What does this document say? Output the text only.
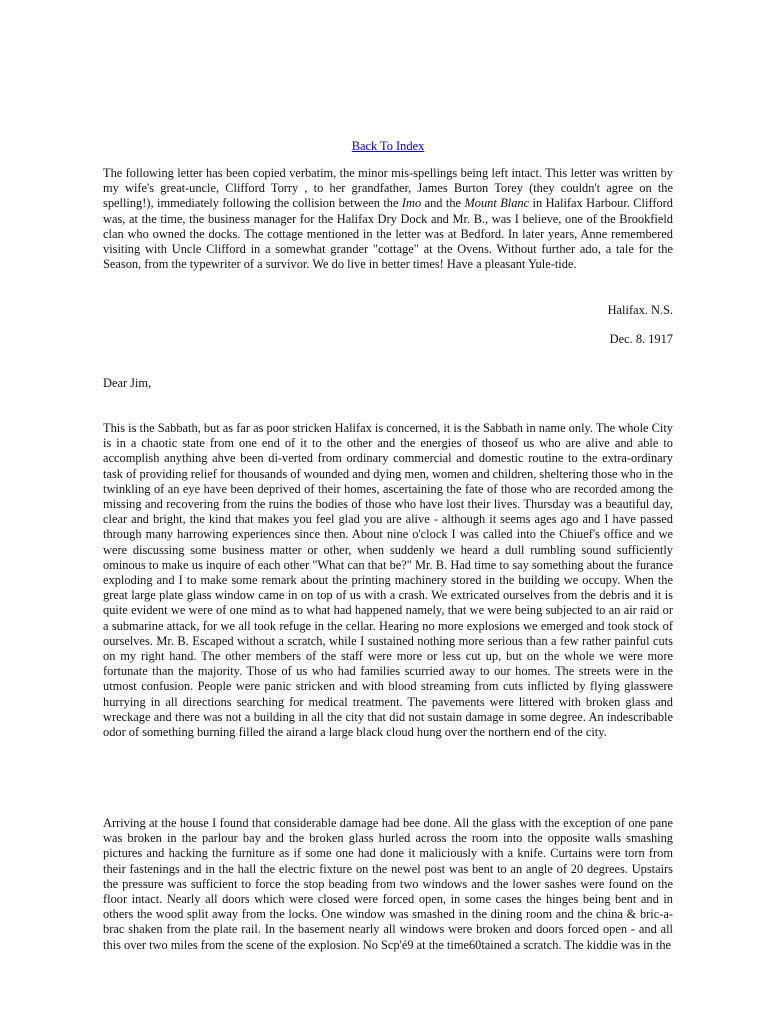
Back To Index

The following letter has been copied verbatim, the minor mis-spellings being left intact. This letter was written by my wife's great-uncle, Clifford Torry , to her grandfather, James Burton Torey (they couldn't agree on the spelling!), immediately following the collision between the Imo and the Mount Blanc in Halifax Harbour. Clifford was, at the time, the business manager for the Halifax Dry Dock and Mr. B., was I believe, one of the Brookfield clan who owned the docks. The cottage mentioned in the letter was at Bedford. In later years, Anne remembered visiting with Uncle Clifford in a somewhat grander "cottage" at the Ovens. Without further ado, a tale for the Season, from the typewriter of a survivor. We do live in better times! Have a pleasant Yule-tide.

Halifax. N.S.
Dec. 8. 1917
Dear Jim,

This is the Sabbath, but as far as poor stricken Halifax is concerned, it is the Sabbath in name only. The whole City is in a chaotic state from one end of it to the other and the energies of thoseof us who are alive and able to accomplish anything ahve been di-verted from ordinary commercial and domestic routine to the extra-ordinary task of providing relief for thousands of wounded and dying men, women and children, sheltering those who in the twinkling of an eye have been deprived of their homes, ascertaining the fate of those who are recorded among the missing and recovering from the ruins the bodies of those who have lost their lives. Thursday was a beautiful day, clear and bright, the kind that makes you feel glad you are alive - although it seems ages ago and I have passed through many harrowing experiences since then. About nine o'clock I was called into the Chiuef's office and we were discussing some business matter or other, when suddenly we heard a dull rumbling sound sufficiently ominous to make us inquire of each other "What can that be?" Mr. B. Had time to say something about the furance exploding and I to make some remark about the printing machinery stored in the building we occupy. When the great large plate glass window came in on top of us with a crash. We extricated ourselves from the debris and it is quite evident we were of one mind as to what had happened namely, that we were being subjected to an air raid or a submarine attack, for we all took refuge in the cellar. Hearing no more explosions we emerged and took stock of ourselves. Mr. B. Escaped without a scratch, while I sustained nothing more serious than a few rather painful cuts on my right hand. The other members of the staff were more or less cut up, but on the whole we were more fortunate than the majority. Those of us who had families scurried away to our homes. The streets were in the utmost confusion. People were panic stricken and with blood streaming from cuts inflicted by flying glasswere hurrying in all directions searching for medical treatment. The pavements were littered with broken glass and wreckage and there was not a building in all the city that did not sustain damage in some degree. An indescribable odor of something burning filled the airand a large black cloud hung over the northern end of the city.

Arriving at the house I found that considerable damage had bee done. All the glass with the exception of one pane was broken in the parlour bay and the broken glass hurled across the room into the opposite walls smashing pictures and hacking the furniture as if some one had done it maliciously with a knife. Curtains were torn from their fastenings and in the hall the electric fixture on the newel post was bent to an angle of 20 degrees. Upstairs the pressure was sufficient to force the stop beading from two windows and the lower sashes were found on the floor intact. Nearly all doors which were closed were forced open, in some cases the hinges being bent and in others the wood split away from the locks. One window was smashed in the dining room and the china & bric-a-brac shaken from the plate rail. In the basement nearly all windows were broken and doors forced open - and all this over two miles from the scene of the explosion. No Scp'é9 at the time60tained a scratch. The kiddie was in the
